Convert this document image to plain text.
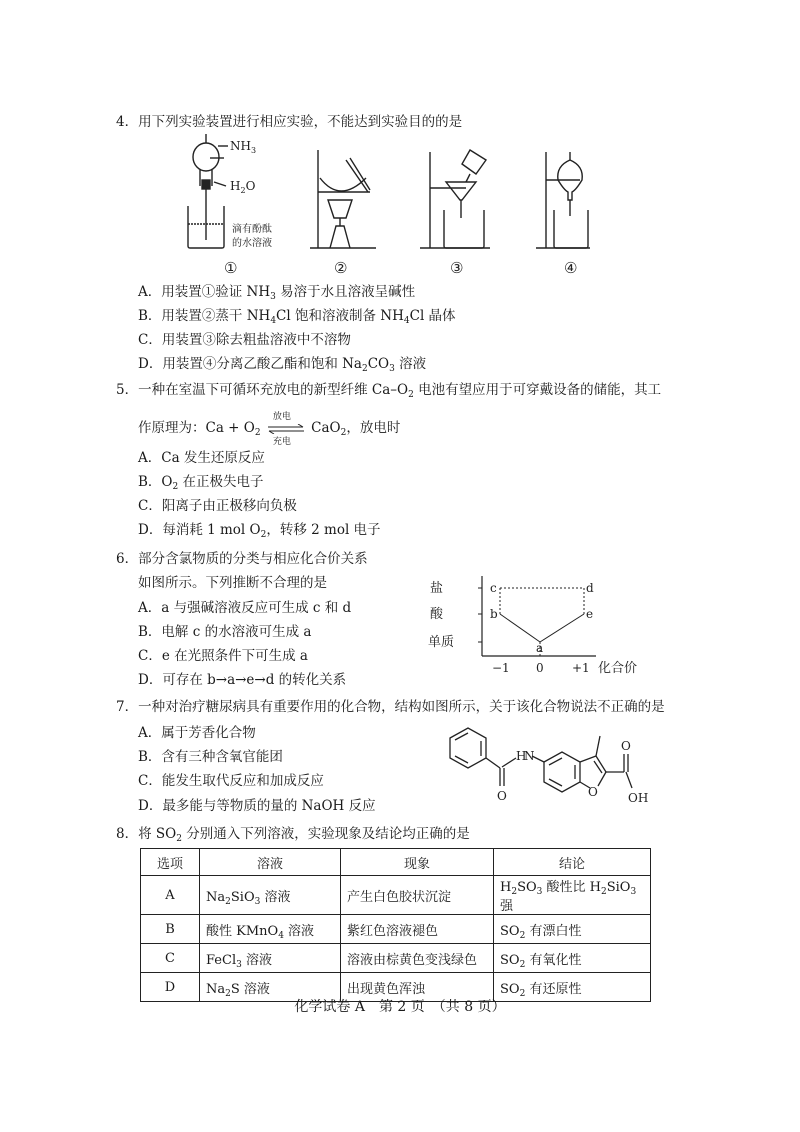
4．用下列实验装置进行相应实验，不能达到实验目的的是
$NH_3$
$H_2O$
滴有酚酞
的水溶液
①	②	③	④
A．用装置①验证 $NH_3$ 易溶于水且溶液呈碱性
B．用装置②蒸干 $NH_4Cl$ 饱和溶液制备 $NH_4Cl$ 晶体
C．用装置③除去粗盐溶液中不溶物
D．用装置④分离乙酸乙酯和饱和 $Na_2CO_3$ 溶液
5．一种在室温下可循环充放电的新型纤维 $Ca-O_2$ 电池有望应用于可穿戴设备的储能，其工
作原理为：$Ca + O_2$
放电
充电
CaO$_2$，放电时
A．Ca 发生还原反应
B．$O_2$ 在正极失电子
C．阳离子由正极移向负极
D．每消耗 1 mol $O_2$，转移 2 mol 电子
6．部分含氯物质的分类与相应化合价关系
如图所示。下列推断不合理的是
A．a 与强碱溶液反应可生成 c 和 d
B．电解 c 的水溶液可生成 a
C．e 在光照条件下可生成 a
D．可存在 b→a→e→d 的转化关系
盐
酸
单质
c	d
b	e
a
−1 0 +1 化合价
7．一种对治疗糖尿病具有重要作用的化合物，结构如图所示，关于该化合物说法不正确的是
A．属于芳香化合物
B．含有三种含氧官能团
C．能发生取代反应和加成反应
D．最多能与等物质的量的 NaOH 反应
H
N
O	O
O
OH
8．将 $SO_2$ 分别通入下列溶液，实验现象及结论均正确的是
选项	溶液	现象	结论
A	$Na_2SiO_3$ 溶液	产生白色胶状沉淀	$H_2SO_3$ 酸性比 $H_2SiO_3$ 强
B	酸性 KMnO$_4$ 溶液	紫红色溶液褪色	$SO_2$ 有漂白性
C	FeCl$_3$ 溶液	溶液由棕黄色变浅绿色	$SO_2$ 有氧化性
D	$Na_2S$ 溶液	出现黄色浑浊	$SO_2$ 有还原性
化学试卷 A　第 2 页　（共 8 页）
